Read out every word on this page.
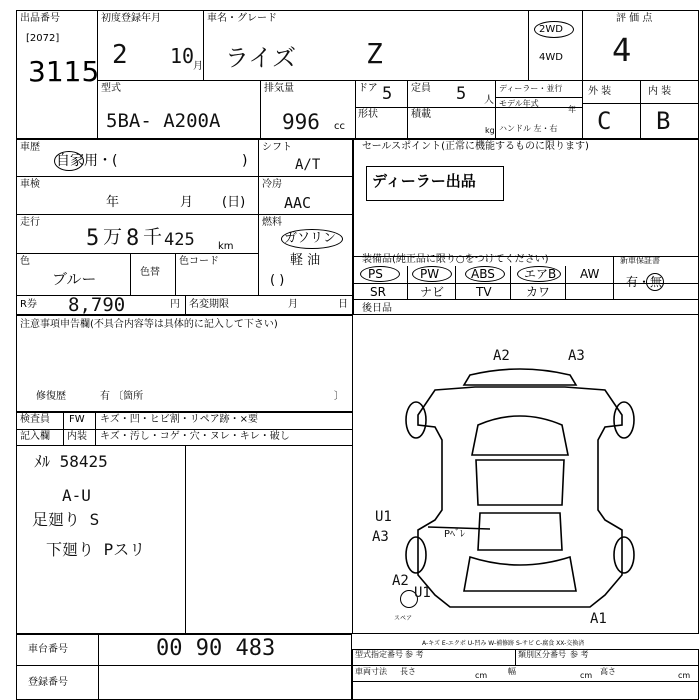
出品番号
[2072]
3115
初度登録年月
2 10
月
車名・グレード
ライズ Z
2WD
4WD
評 価 点
4
型式
5BA- A200A
排気量
996 cc
ドア 5 定員 5 人
形状	積載
kg
ディーラー・並行
モデル年式
年
ハンドル 左・右
外 装	内 装
C B
車歴
自家用・(	)
シフト
A/T
車検
年	月 (日)
冷房
AAC
走行
5 万 8 千 425 km
燃料
ガソリン
軽 油
( )
色
ブルー	色替
色コード
R券 8,790	円 名変期限	月	日
セールスポイント(正常に機能するものに限ります)
ディーラー出品
装備品(純正品に限り○をつけてください)	新車保証書
PS	PW	ABS エアB AW
SR	ナビ	TV	カワ
有・無
注意事項申告欄(不具合内容等は具体的に記入して下さい)
修復歴	有 〔箇所	〕
後日品
スペア
A2	A3
U1
A3	Pﾍﾞﾚ
A2
U1
A1
検査員
記入欄
FW キズ・凹・ヒビ割・リペア跡・×要
内装 キズ・汚し・コゲ・穴・ヌレ・キレ・破し
ﾒﾙ 58425
A-U
足廻り S
下廻り Pスリ
車台番号	00 90 483
登録番号
A-キズ E-エクボ U-凹み W-補修跡 S-サビ C-腐食 XX-交換済
型式指定番号 参 考	類別区分番号 参 考
車両寸法 長さ	cm	幅	cm 高さ	cm
